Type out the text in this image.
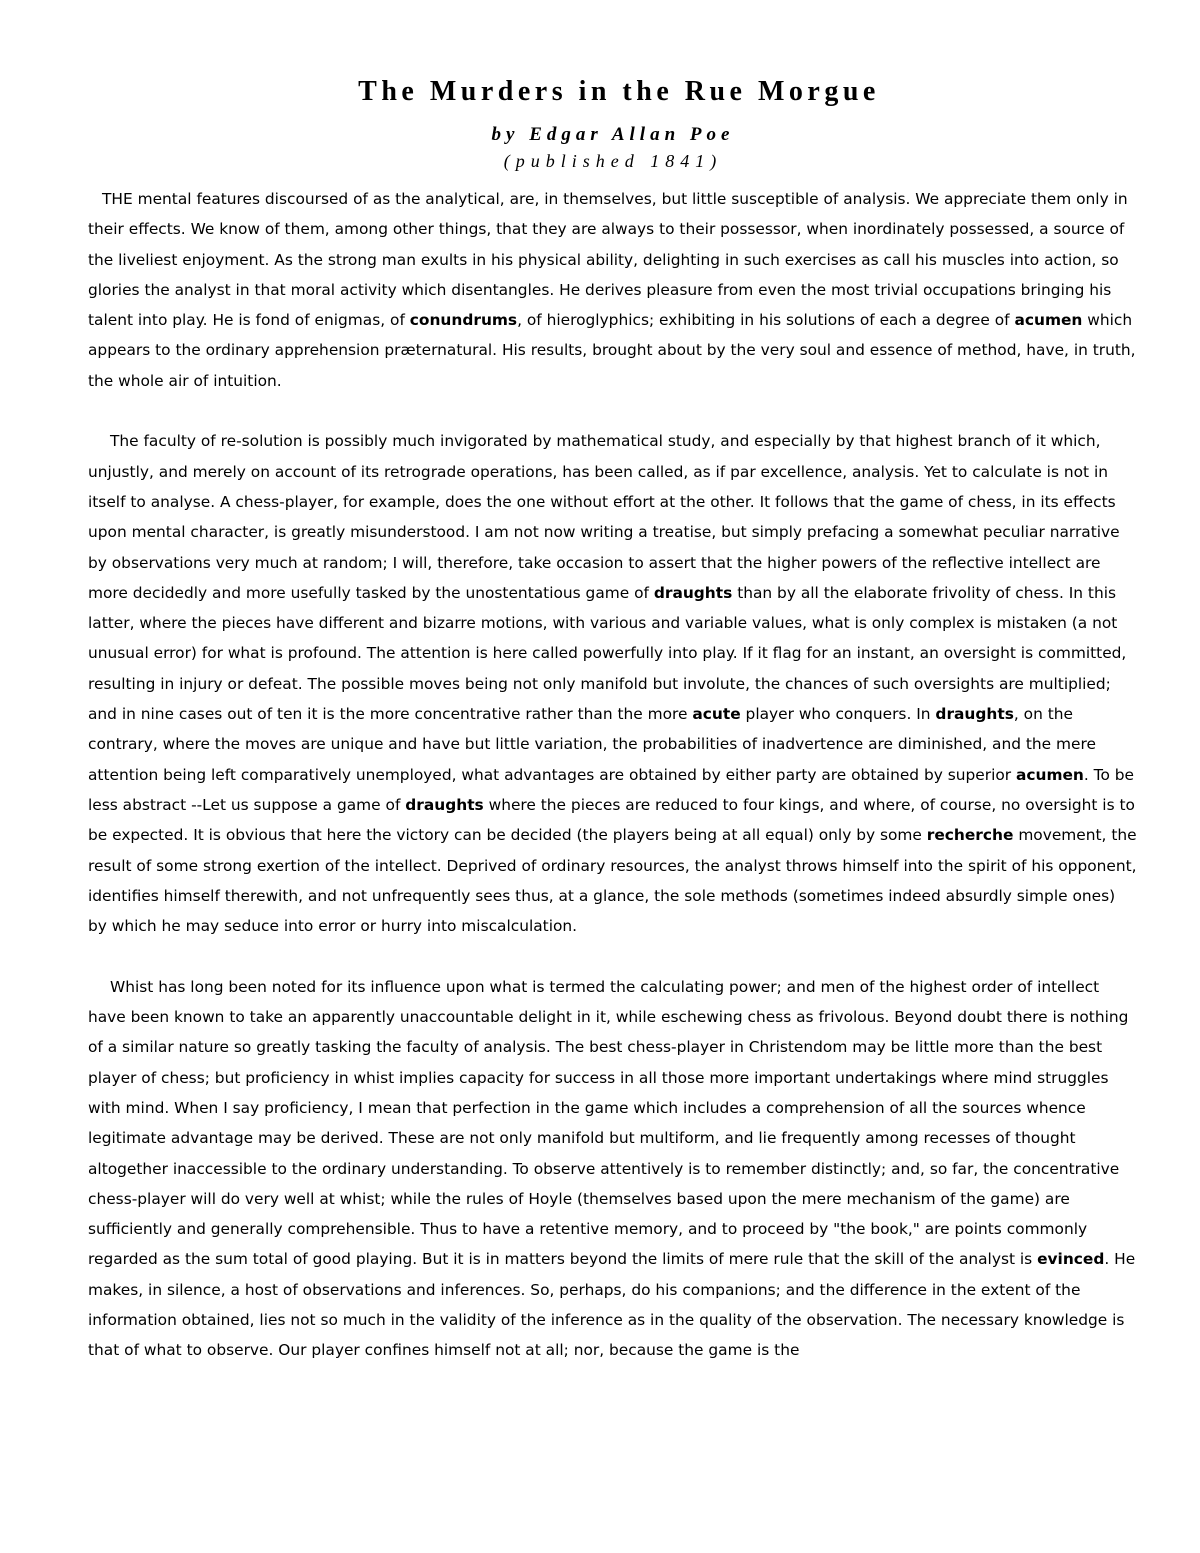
The Murders in the Rue Morgue
by Edgar Allan Poe
(published 1841)

THE mental features discoursed of as the analytical, are, in themselves, but little susceptible of analysis. We appreciate them only in their effects. We know of them, among other things, that they are always to their possessor, when inordinately possessed, a source of the liveliest enjoyment. As the strong man exults in his physical ability, delighting in such exercises as call his muscles into action, so glories the analyst in that moral activity which disentangles. He derives pleasure from even the most trivial occupations bringing his talent into play. He is fond of enigmas, of conundrums, of hieroglyphics; exhibiting in his solutions of each a degree of acumen which appears to the ordinary apprehension præternatural. His results, brought about by the very soul and essence of method, have, in truth, the whole air of intuition.

The faculty of re-solution is possibly much invigorated by mathematical study, and especially by that highest branch of it which, unjustly, and merely on account of its retrograde operations, has been called, as if par excellence, analysis. Yet to calculate is not in itself to analyse. A chess-player, for example, does the one without effort at the other. It follows that the game of chess, in its effects upon mental character, is greatly misunderstood. I am not now writing a treatise, but simply prefacing a somewhat peculiar narrative by observations very much at random; I will, therefore, take occasion to assert that the higher powers of the reflective intellect are more decidedly and more usefully tasked by the unostentatious game of draughts than by all the elaborate frivolity of chess. In this latter, where the pieces have different and bizarre motions, with various and variable values, what is only complex is mistaken (a not unusual error) for what is profound. The attention is here called powerfully into play. If it flag for an instant, an oversight is committed, resulting in injury or defeat. The possible moves being not only manifold but involute, the chances of such oversights are multiplied; and in nine cases out of ten it is the more concentrative rather than the more acute player who conquers. In draughts, on the contrary, where the moves are unique and have but little variation, the probabilities of inadvertence are diminished, and the mere attention being left comparatively unemployed, what advantages are obtained by either party are obtained by superior acumen. To be less abstract --Let us suppose a game of draughts where the pieces are reduced to four kings, and where, of course, no oversight is to be expected. It is obvious that here the victory can be decided (the players being at all equal) only by some recherche movement, the result of some strong exertion of the intellect. Deprived of ordinary resources, the analyst throws himself into the spirit of his opponent, identifies himself therewith, and not unfrequently sees thus, at a glance, the sole methods (sometimes indeed absurdly simple ones) by which he may seduce into error or hurry into miscalculation.

Whist has long been noted for its influence upon what is termed the calculating power; and men of the highest order of intellect have been known to take an apparently unaccountable delight in it, while eschewing chess as frivolous. Beyond doubt there is nothing of a similar nature so greatly tasking the faculty of analysis. The best chess-player in Christendom may be little more than the best player of chess; but proficiency in whist implies capacity for success in all those more important undertakings where mind struggles with mind. When I say proficiency, I mean that perfection in the game which includes a comprehension of all the sources whence legitimate advantage may be derived. These are not only manifold but multiform, and lie frequently among recesses of thought altogether inaccessible to the ordinary understanding. To observe attentively is to remember distinctly; and, so far, the concentrative chess-player will do very well at whist; while the rules of Hoyle (themselves based upon the mere mechanism of the game) are sufficiently and generally comprehensible. Thus to have a retentive memory, and to proceed by "the book," are points commonly regarded as the sum total of good playing. But it is in matters beyond the limits of mere rule that the skill of the analyst is evinced. He makes, in silence, a host of observations and inferences. So, perhaps, do his companions; and the difference in the extent of the information obtained, lies not so much in the validity of the inference as in the quality of the observation. The necessary knowledge is that of what to observe. Our player confines himself not at all; nor, because the game is the
